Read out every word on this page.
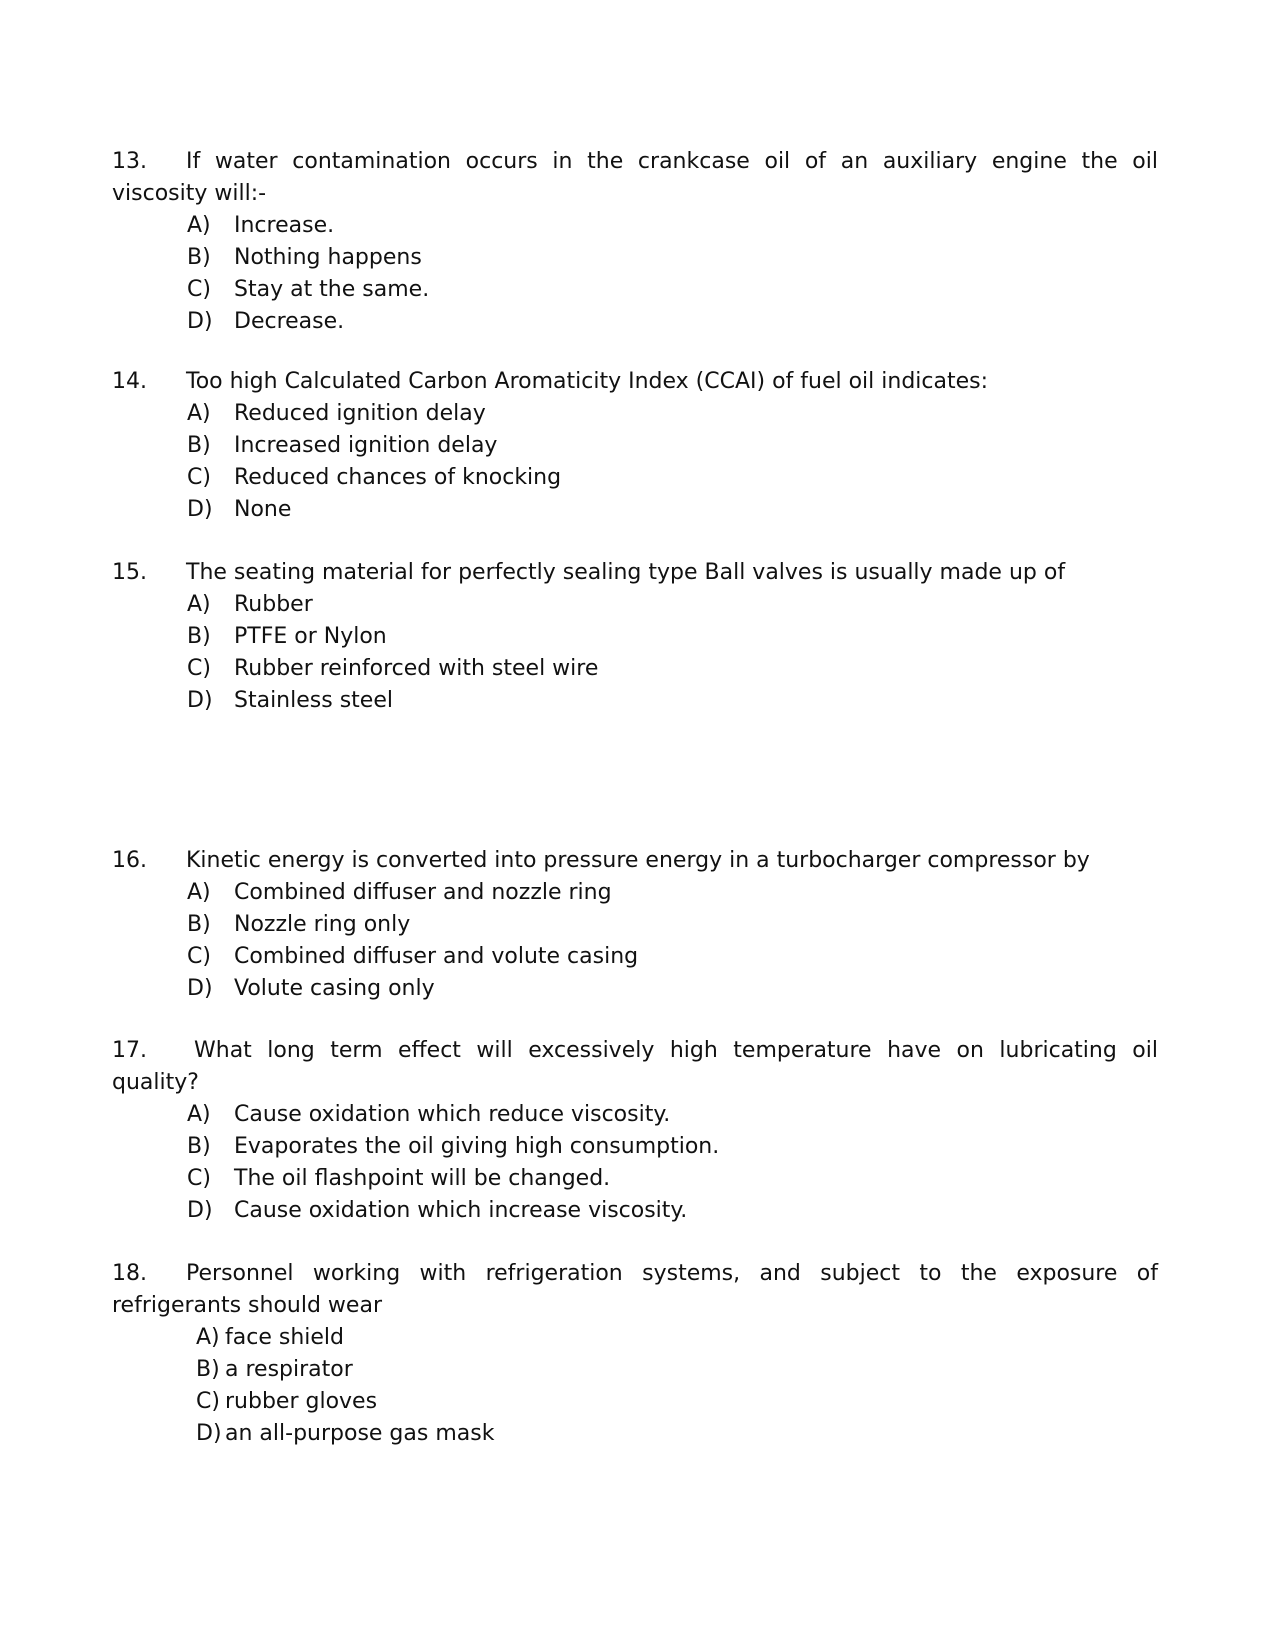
13. If water contamination occurs in the crankcase oil of an auxiliary engine the oil viscosity will:-

A) Increase.
B) Nothing happens
C) Stay at the same.
D) Decrease.

14. Too high Calculated Carbon Aromaticity Index (CCAI) of fuel oil indicates:

A) Reduced ignition delay
B) Increased ignition delay
C) Reduced chances of knocking
D) None

15. The seating material for perfectly sealing type Ball valves is usually made up of

A) Rubber
B) PTFE or Nylon
C) Rubber reinforced with steel wire
D) Stainless steel

16. Kinetic energy is converted into pressure energy in a turbocharger compressor by

A) Combined diffuser and nozzle ring
B) Nozzle ring only
C) Combined diffuser and volute casing
D) Volute casing only

17. What long term effect will excessively high temperature have on lubricating oil quality?

A) Cause oxidation which reduce viscosity.
B) Evaporates the oil giving high consumption.
C) The oil flashpoint will be changed.
D) Cause oxidation which increase viscosity.

18. Personnel working with refrigeration systems, and subject to the exposure of refrigerants should wear

A) face shield
B) a respirator
C) rubber gloves
D) an all-purpose gas mask
